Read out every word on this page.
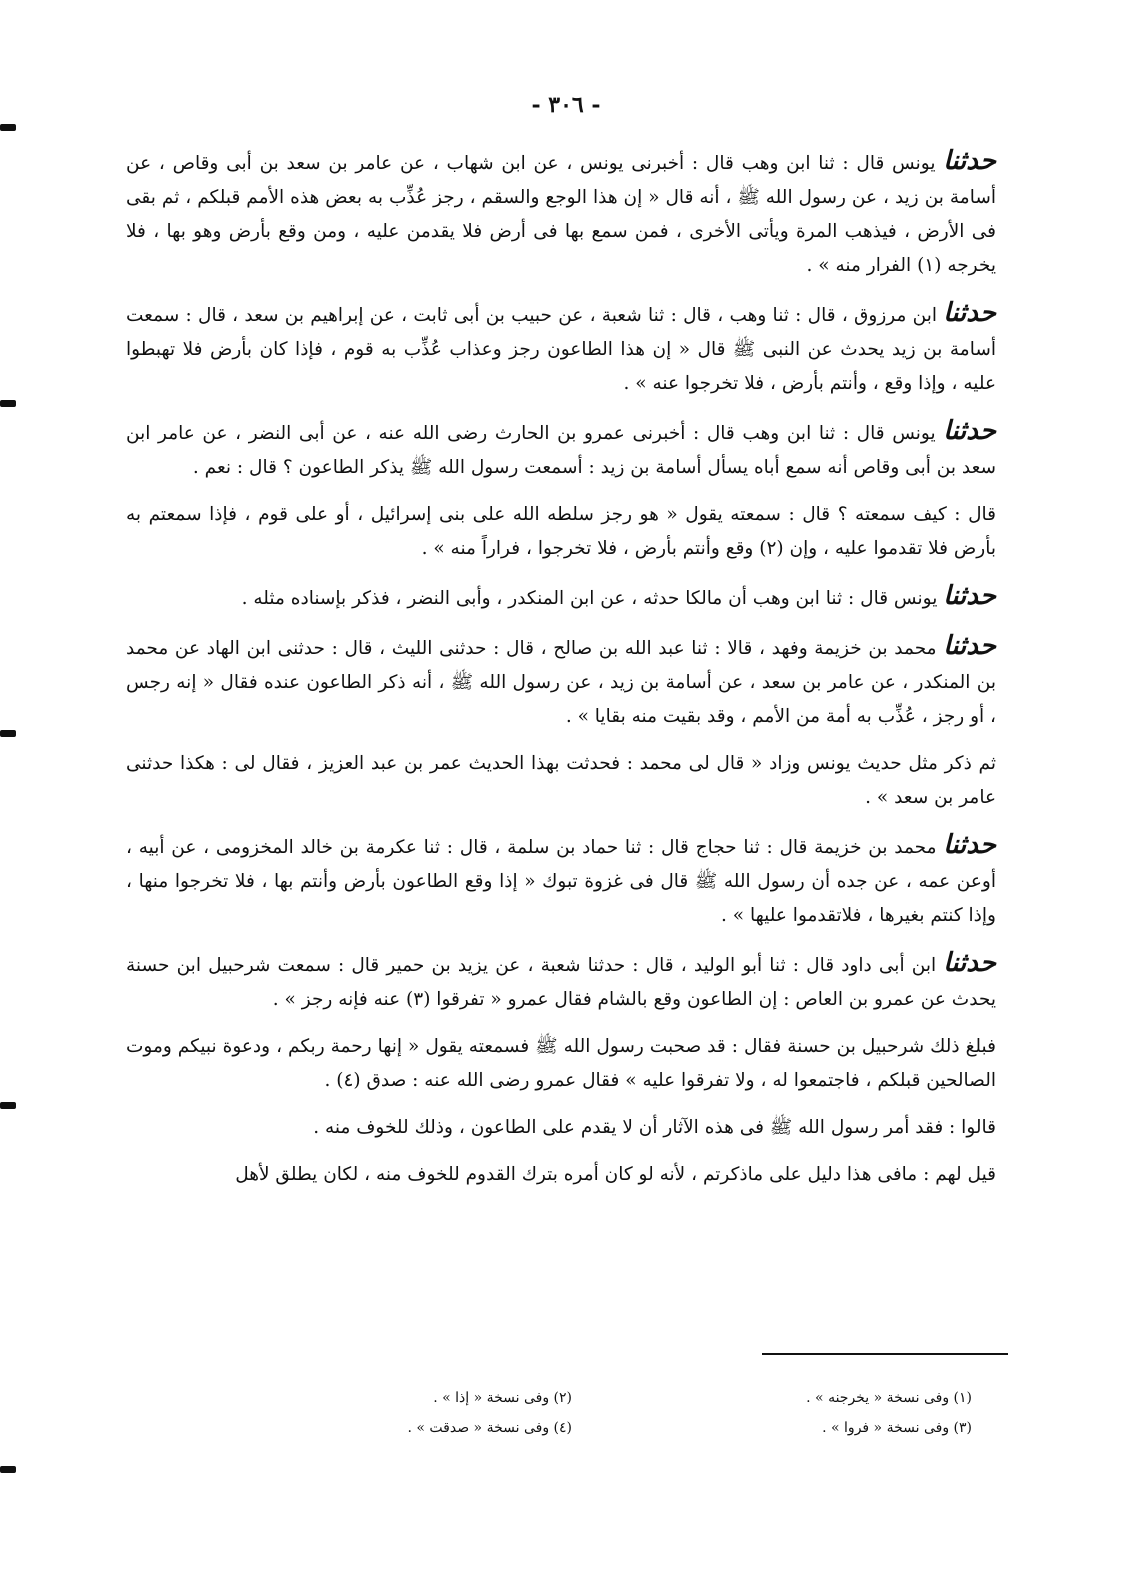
- ٣٠٦ -

حدثنا يونس قال : ثنا ابن وهب قال : أخبرنى يونس ، عن ابن شهاب ، عن عامر بن سعد بن أبى وقاص ، عن أسامة بن زيد ، عن رسول الله ﷺ ، أنه قال « إن هذا الوجع والسقم ، رجز عُذِّب به بعض هذه الأمم قبلكم ، ثم بقى فى الأرض ، فيذهب المرة ويأتى الأخرى ، فمن سمع بها فى أرض فلا يقدمن عليه ، ومن وقع بأرض وهو بها ، فلا يخرجه (١) الفرار منه » .

حدثنا ابن مرزوق ، قال : ثنا وهب ، قال : ثنا شعبة ، عن حبيب بن أبى ثابت ، عن إبراهيم بن سعد ، قال : سمعت أسامة بن زيد يحدث عن النبى ﷺ قال « إن هذا الطاعون رجز وعذاب عُذِّب به قوم ، فإذا كان بأرض فلا تهبطوا عليه ، وإذا وقع ، وأنتم بأرض ، فلا تخرجوا عنه » .

حدثنا يونس قال : ثنا ابن وهب قال : أخبرنى عمرو بن الحارث رضى الله عنه ، عن أبى النضر ، عن عامر ابن سعد بن أبى وقاص أنه سمع أباه يسأل أسامة بن زيد : أسمعت رسول الله ﷺ يذكر الطاعون ؟ قال : نعم .

قال : كيف سمعته ؟ قال : سمعته يقول « هو رجز سلطه الله على بنى إسرائيل ، أو على قوم ، فإذا سمعتم به بأرض فلا تقدموا عليه ، وإن (٢) وقع وأنتم بأرض ، فلا تخرجوا ، فراراً منه » .

حدثنا يونس قال : ثنا ابن وهب أن مالكا حدثه ، عن ابن المنكدر ، وأبى النضر ، فذكر بإسناده مثله .

حدثنا محمد بن خزيمة وفهد ، قالا : ثنا عبد الله بن صالح ، قال : حدثنى الليث ، قال : حدثنى ابن الهاد عن محمد بن المنكدر ، عن عامر بن سعد ، عن أسامة بن زيد ، عن رسول الله ﷺ ، أنه ذكر الطاعون عنده فقال « إنه رجس ، أو رجز ، عُذِّب به أمة من الأمم ، وقد بقيت منه بقايا » .

ثم ذكر مثل حديث يونس وزاد « قال لى محمد : فحدثت بهذا الحديث عمر بن عبد العزيز ، فقال لى : هكذا حدثنى عامر بن سعد » .

حدثنا محمد بن خزيمة قال : ثنا حجاج قال : ثنا حماد بن سلمة ، قال : ثنا عكرمة بن خالد المخزومى ، عن أبيه ، أوعن عمه ، عن جده أن رسول الله ﷺ قال فى غزوة تبوك « إذا وقع الطاعون بأرض وأنتم بها ، فلا تخرجوا منها ، وإذا كنتم بغيرها ، فلاتقدموا عليها » .

حدثنا ابن أبى داود قال : ثنا أبو الوليد ، قال : حدثنا شعبة ، عن يزيد بن حمير قال : سمعت شرحبيل ابن حسنة يحدث عن عمرو بن العاص : إن الطاعون وقع بالشام فقال عمرو « تفرقوا (٣) عنه فإنه رجز » .

فبلغ ذلك شرحبيل بن حسنة فقال : قد صحبت رسول الله ﷺ فسمعته يقول « إنها رحمة ربكم ، ودعوة نبيكم وموت الصالحين قبلكم ، فاجتمعوا له ، ولا تفرقوا عليه » فقال عمرو رضى الله عنه : صدق (٤) .

قالوا : فقد أمر رسول الله ﷺ فى هذه الآثار أن لا يقدم على الطاعون ، وذلك للخوف منه .

قيل لهم : مافى هذا دليل على ماذكرتم ، لأنه لو كان أمره بترك القدوم للخوف منه ، لكان يطلق لأهل

(١) وفى نسخة « يخرجنه » .
(٢) وفى نسخة « إذا » .
(٣) وفى نسخة « فروا » .
(٤) وفى نسخة « صدقت » .
